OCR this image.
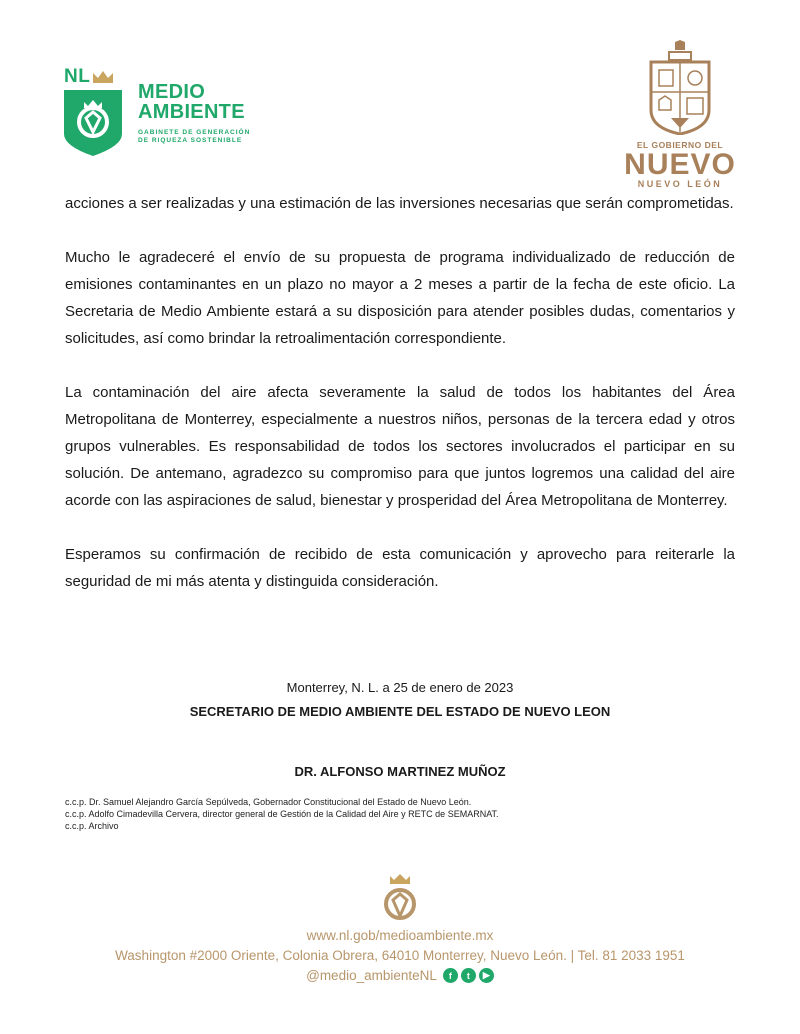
NL
MEDIO
AMBIENTE
GABINETE DE GENERACIÓN
DE RIQUEZA SOSTENIBLE	EL GOBIERNO DEL
NUEVO
NUEVO LEÓN

acciones a ser realizadas y una estimación de las inversiones necesarias que serán comprometidas.

Mucho le agradeceré el envío de su propuesta de programa individualizado de reducción de emisiones contaminantes en un plazo no mayor a 2 meses a partir de la fecha de este oficio. La Secretaria de Medio Ambiente estará a su disposición para atender posibles dudas, comentarios y solicitudes, así como brindar la retroalimentación correspondiente.

La contaminación del aire afecta severamente la salud de todos los habitantes del Área Metropolitana de Monterrey, especialmente a nuestros niños, personas de la tercera edad y otros grupos vulnerables. Es responsabilidad de todos los sectores involucrados el participar en su solución. De antemano, agradezco su compromiso para que juntos logremos una calidad del aire acorde con las aspiraciones de salud, bienestar y prosperidad del Área Metropolitana de Monterrey.

Esperamos su confirmación de recibido de esta comunicación y aprovecho para reiterarle la seguridad de mi más atenta y distinguida consideración.

Monterrey, N. L. a 25 de enero de 2023
SECRETARIO DE MEDIO AMBIENTE DEL ESTADO DE NUEVO LEON
DR. ALFONSO MARTINEZ MUÑOZ
c.c.p. Dr. Samuel Alejandro García Sepúlveda, Gobernador Constitucional del Estado de Nuevo León.
c.c.p. Adolfo Cimadevilla Cervera, director general de Gestión de la Calidad del Aire y RETC de SEMARNAT.
c.c.p. Archivo
www.nl.gob/medioambiente.mx
Washington #2000 Oriente, Colonia Obrera, 64010 Monterrey, Nuevo León. | Tel. 81 2033 1951
@medio_ambienteNL	f	t	▶
